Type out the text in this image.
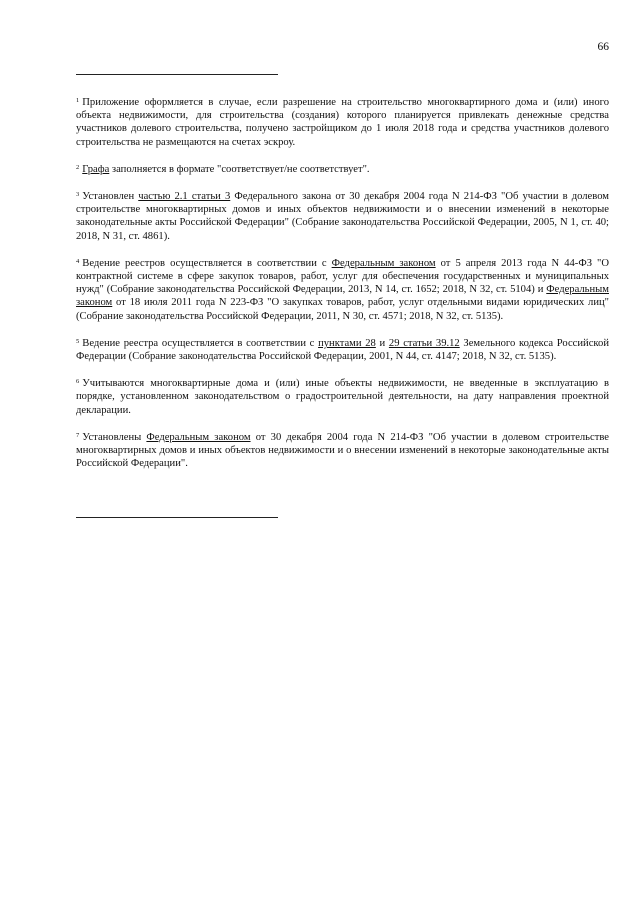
66

$^1$ Приложение оформляется в случае, если разрешение на строительство многоквартирного дома и (или) иного объекта недвижимости, для строительства (создания) которого планируется привлекать денежные средства участников долевого строительства, получено застройщиком до 1 июля 2018 года и средства участников долевого строительства не размещаются на счетах эскроу.

$^2$ Графа заполняется в формате "соответствует/не соответствует".

$^3$ Установлен частью 2.1 статьи 3 Федерального закона от 30 декабря 2004 года N 214-ФЗ "Об участии в долевом строительстве многоквартирных домов и иных объектов недвижимости и о внесении изменений в некоторые законодательные акты Российской Федерации" (Собрание законодательства Российской Федерации, 2005, N 1, ст. 40; 2018, N 31, ст. 4861).

$^4$ Ведение реестров осуществляется в соответствии с Федеральным законом от 5 апреля 2013 года N 44-ФЗ "О контрактной системе в сфере закупок товаров, работ, услуг для обеспечения государственных и муниципальных нужд" (Собрание законодательства Российской Федерации, 2013, N 14, ст. 1652; 2018, N 32, ст. 5104) и Федеральным законом от 18 июля 2011 года N 223-ФЗ "О закупках товаров, работ, услуг отдельными видами юридических лиц" (Собрание законодательства Российской Федерации, 2011, N 30, ст. 4571; 2018, N 32, ст. 5135).

$^5$ Ведение реестра осуществляется в соответствии с пунктами 28 и 29 статьи 39.12 Земельного кодекса Российской Федерации (Собрание законодательства Российской Федерации, 2001, N 44, ст. 4147; 2018, N 32, ст. 5135).

$^6$ Учитываются многоквартирные дома и (или) иные объекты недвижимости, не введенные в эксплуатацию в порядке, установленном законодательством о градостроительной деятельности, на дату направления проектной декларации.

$^7$ Установлены Федеральным законом от 30 декабря 2004 года N 214-ФЗ "Об участии в долевом строительстве многоквартирных домов и иных объектов недвижимости и о внесении изменений в некоторые законодательные акты Российской Федерации".
